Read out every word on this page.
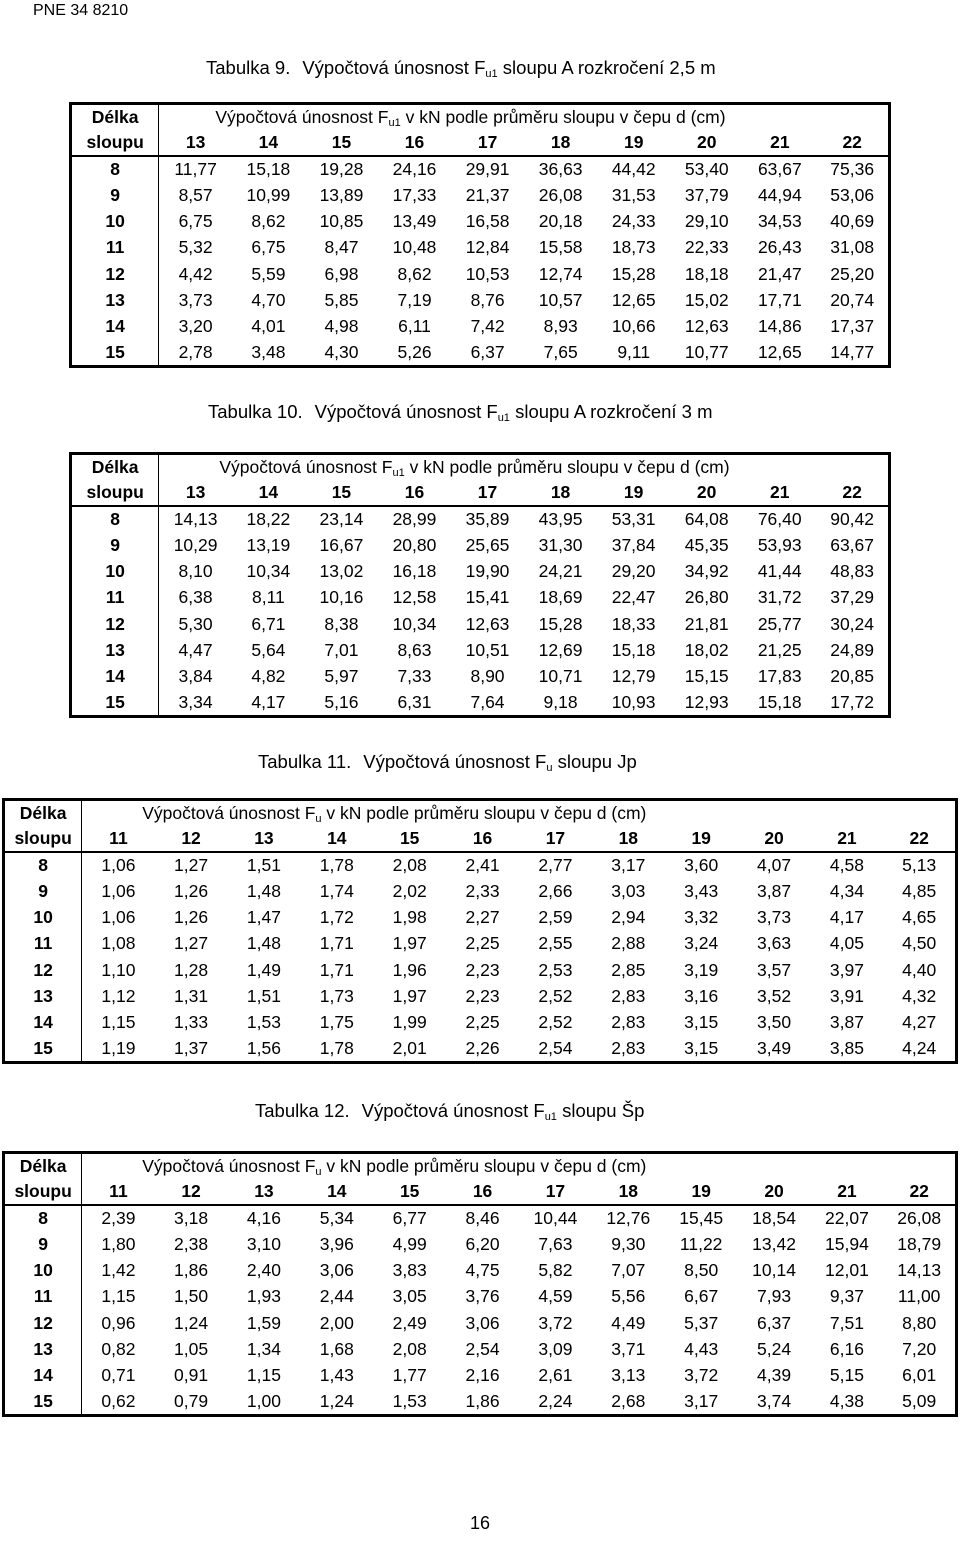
PNE 34 8210
Tabulka 9. Výpočtová únosnost $F_{u1}$ sloupu A rozkročení 2,5 m
Délka	Výpočtová únosnost $F_{u1}$ v kN podle průměru sloupu v čepu d (cm)									
sloupu	13	14	15	16	17	18	19	20	21	22
8	11,77	15,18	19,28	24,16	29,91	36,63	44,42	53,40	63,67	75,36
9	8,57	10,99	13,89	17,33	21,37	26,08	31,53	37,79	44,94	53,06
10	6,75	8,62	10,85	13,49	16,58	20,18	24,33	29,10	34,53	40,69
11	5,32	6,75	8,47	10,48	12,84	15,58	18,73	22,33	26,43	31,08
12	4,42	5,59	6,98	8,62	10,53	12,74	15,28	18,18	21,47	25,20
13	3,73	4,70	5,85	7,19	8,76	10,57	12,65	15,02	17,71	20,74
14	3,20	4,01	4,98	6,11	7,42	8,93	10,66	12,63	14,86	17,37
15	2,78	3,48	4,30	5,26	6,37	7,65	9,11	10,77	12,65	14,77
Tabulka 10. Výpočtová únosnost $F_{u1}$ sloupu A rozkročení 3 m
Délka	Výpočtová únosnost $F_{u1}$ v kN podle průměru sloupu v čepu d (cm)									
sloupu	13	14	15	16	17	18	19	20	21	22
8	14,13	18,22	23,14	28,99	35,89	43,95	53,31	64,08	76,40	90,42
9	10,29	13,19	16,67	20,80	25,65	31,30	37,84	45,35	53,93	63,67
10	8,10	10,34	13,02	16,18	19,90	24,21	29,20	34,92	41,44	48,83
11	6,38	8,11	10,16	12,58	15,41	18,69	22,47	26,80	31,72	37,29
12	5,30	6,71	8,38	10,34	12,63	15,28	18,33	21,81	25,77	30,24
13	4,47	5,64	7,01	8,63	10,51	12,69	15,18	18,02	21,25	24,89
14	3,84	4,82	5,97	7,33	8,90	10,71	12,79	15,15	17,83	20,85
15	3,34	4,17	5,16	6,31	7,64	9,18	10,93	12,93	15,18	17,72
Tabulka 11. Výpočtová únosnost $F_u$ sloupu Jp
Délka	Výpočtová únosnost $F_u$ v kN podle průměru sloupu v čepu d (cm)											
sloupu	11	12	13	14	15	16	17	18	19	20	21	22
8	1,06	1,27	1,51	1,78	2,08	2,41	2,77	3,17	3,60	4,07	4,58	5,13
9	1,06	1,26	1,48	1,74	2,02	2,33	2,66	3,03	3,43	3,87	4,34	4,85
10	1,06	1,26	1,47	1,72	1,98	2,27	2,59	2,94	3,32	3,73	4,17	4,65
11	1,08	1,27	1,48	1,71	1,97	2,25	2,55	2,88	3,24	3,63	4,05	4,50
12	1,10	1,28	1,49	1,71	1,96	2,23	2,53	2,85	3,19	3,57	3,97	4,40
13	1,12	1,31	1,51	1,73	1,97	2,23	2,52	2,83	3,16	3,52	3,91	4,32
14	1,15	1,33	1,53	1,75	1,99	2,25	2,52	2,83	3,15	3,50	3,87	4,27
15	1,19	1,37	1,56	1,78	2,01	2,26	2,54	2,83	3,15	3,49	3,85	4,24
Tabulka 12. Výpočtová únosnost $F_{u1}$ sloupu Šp
Délka	Výpočtová únosnost $F_u$ v kN podle průměru sloupu v čepu d (cm)											
sloupu	11	12	13	14	15	16	17	18	19	20	21	22
8	2,39	3,18	4,16	5,34	6,77	8,46	10,44	12,76	15,45	18,54	22,07	26,08
9	1,80	2,38	3,10	3,96	4,99	6,20	7,63	9,30	11,22	13,42	15,94	18,79
10	1,42	1,86	2,40	3,06	3,83	4,75	5,82	7,07	8,50	10,14	12,01	14,13
11	1,15	1,50	1,93	2,44	3,05	3,76	4,59	5,56	6,67	7,93	9,37	11,00
12	0,96	1,24	1,59	2,00	2,49	3,06	3,72	4,49	5,37	6,37	7,51	8,80
13	0,82	1,05	1,34	1,68	2,08	2,54	3,09	3,71	4,43	5,24	6,16	7,20
14	0,71	0,91	1,15	1,43	1,77	2,16	2,61	3,13	3,72	4,39	5,15	6,01
15	0,62	0,79	1,00	1,24	1,53	1,86	2,24	2,68	3,17	3,74	4,38	5,09
16
